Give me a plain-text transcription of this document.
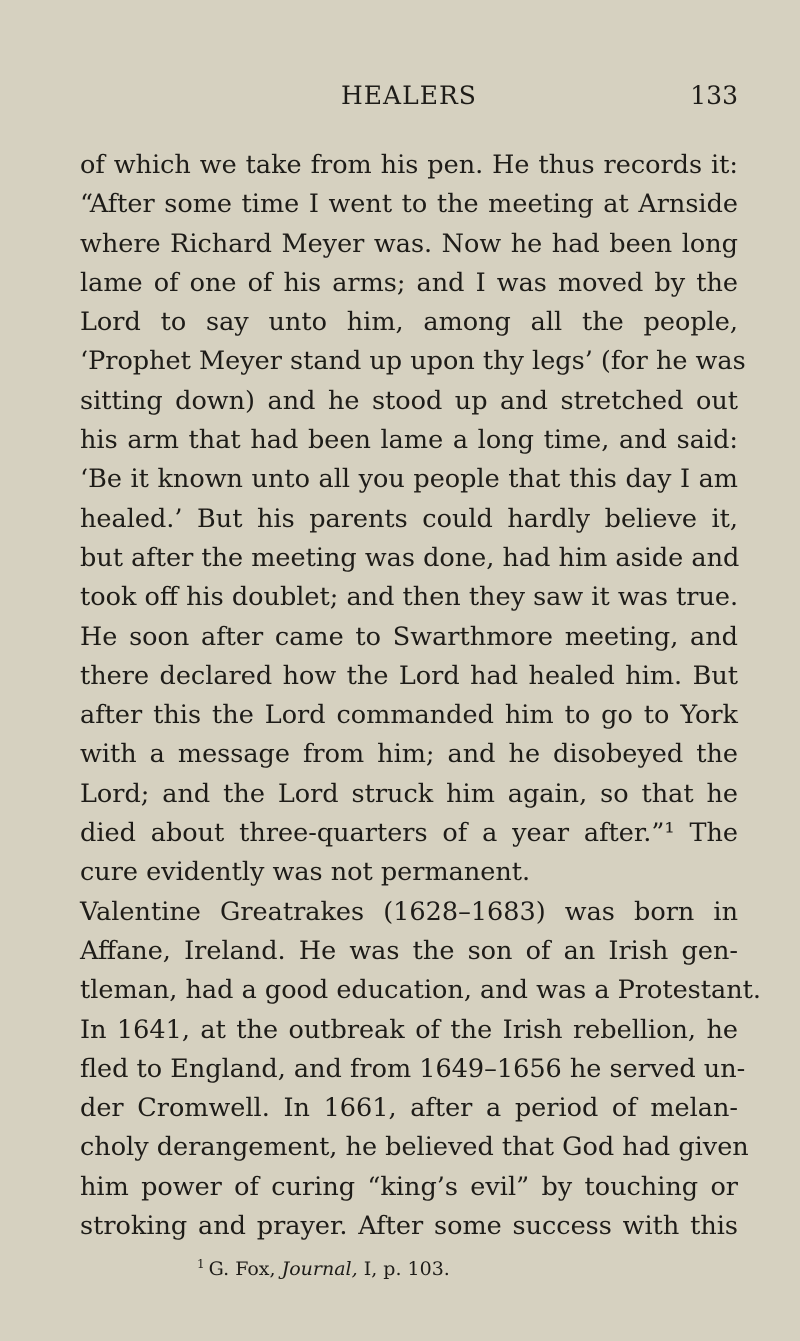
HEALERS	133
of which we take from his pen. He thus records it:
“After some time I went to the meeting at Arnside
where Richard Meyer was. Now he had been long
lame of one of his arms; and I was moved by the
Lord to say unto him, among all the people,
‘Prophet Meyer stand up upon thy legs’ (for he was
sitting down) and he stood up and stretched out
his arm that had been lame a long time, and said:
‘Be it known unto all you people that this day I am
healed.’ But his parents could hardly believe it,
but after the meeting was done, had him aside and
took off his doublet; and then they saw it was true.
He soon after came to Swarthmore meeting, and
there declared how the Lord had healed him. But
after this the Lord commanded him to go to York
with a message from him; and he disobeyed the
Lord; and the Lord struck him again, so that he
died about three-quarters of a year after.”¹ The
cure evidently was not permanent.
Valentine Greatrakes (1628–1683) was born in
Affane, Ireland. He was the son of an Irish gen-
tleman, had a good education, and was a Protestant.
In 1641, at the outbreak of the Irish rebellion, he
fled to England, and from 1649–1656 he served un-
der Cromwell. In 1661, after a period of melan-
choly derangement, he believed that God had given
him power of curing “king’s evil” by touching or
stroking and prayer. After some success with this
$^1$ G. Fox, Journal, I, p. 103.
